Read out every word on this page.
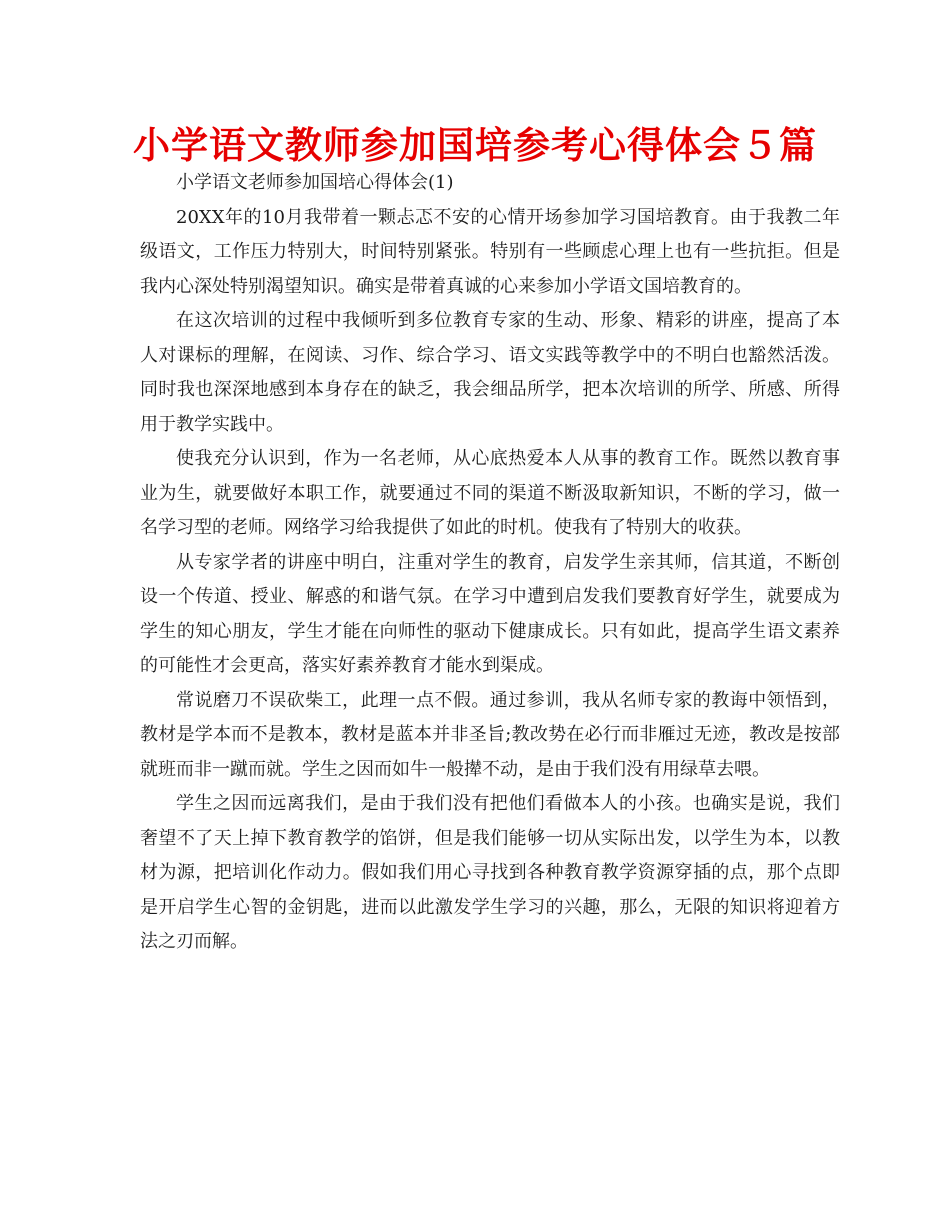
小学语文教师参加国培参考心得体会５篇

小学语文老师参加国培心得体会(1)

20XX年的10月我带着一颗忐忑不安的心情开场参加学习国培教育。由于我教二年级语文，工作压力特别大，时间特别紧张。特别有一些顾虑心理上也有一些抗拒。但是我内心深处特别渴望知识。确实是带着真诚的心来参加小学语文国培教育的。

在这次培训的过程中我倾听到多位教育专家的生动、形象、精彩的讲座，提高了本人对课标的理解，在阅读、习作、综合学习、语文实践等教学中的不明白也豁然活泼。同时我也深深地感到本身存在的缺乏，我会细品所学，把本次培训的所学、所感、所得用于教学实践中。

使我充分认识到，作为一名老师，从心底热爱本人从事的教育工作。既然以教育事业为生，就要做好本职工作，就要通过不同的渠道不断汲取新知识，不断的学习，做一名学习型的老师。网络学习给我提供了如此的时机。使我有了特别大的收获。

从专家学者的讲座中明白，注重对学生的教育，启发学生亲其师，信其道，不断创设一个传道、授业、解惑的和谐气氛。在学习中遭到启发我们要教育好学生，就要成为学生的知心朋友，学生才能在向师性的驱动下健康成长。只有如此，提高学生语文素养的可能性才会更高，落实好素养教育才能水到渠成。

常说磨刀不误砍柴工，此理一点不假。通过参训，我从名师专家的教诲中领悟到，教材是学本而不是教本，教材是蓝本并非圣旨;教改势在必行而非雁过无迹，教改是按部就班而非一蹴而就。学生之因而如牛一般撵不动，是由于我们没有用绿草去喂。

学生之因而远离我们，是由于我们没有把他们看做本人的小孩。也确实是说，我们奢望不了天上掉下教育教学的馅饼，但是我们能够一切从实际出发，以学生为本，以教材为源，把培训化作动力。假如我们用心寻找到各种教育教学资源穿插的点，那个点即是开启学生心智的金钥匙，进而以此激发学生学习的兴趣，那么，无限的知识将迎着方法之刃而解。
